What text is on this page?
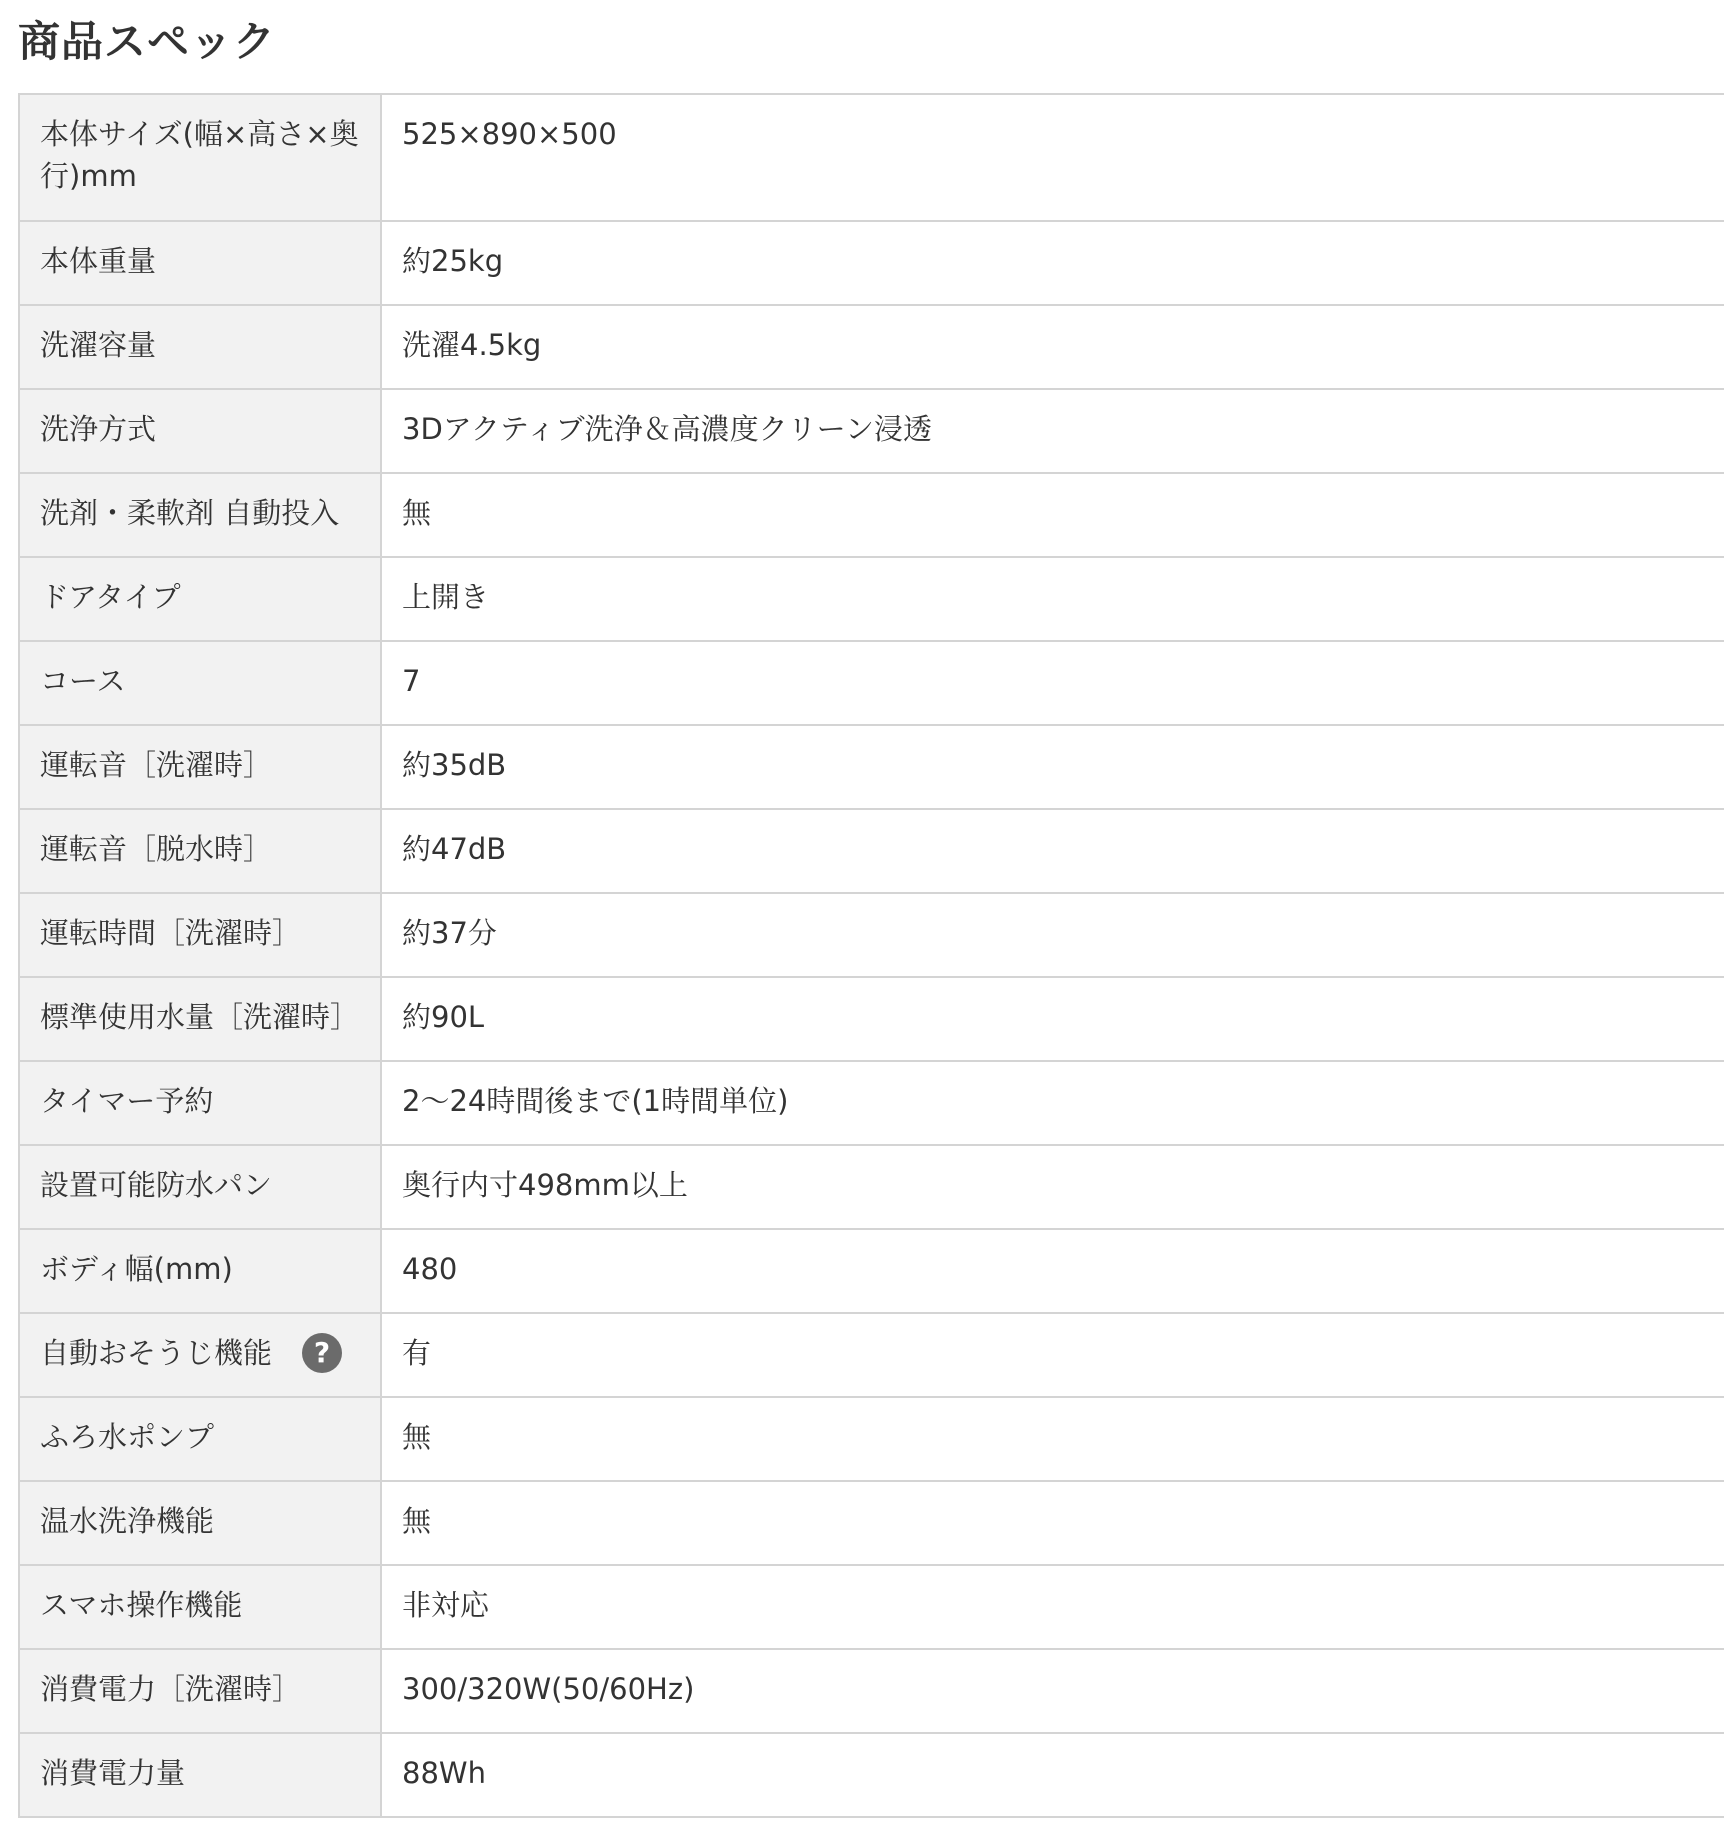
商品スペック
本体サイズ(幅×高さ×奥行)mm	525×890×500
本体重量	約25kg
洗濯容量	洗濯4.5kg
洗浄方式	3Dアクティブ洗浄＆高濃度クリーン浸透
洗剤・柔軟剤 自動投入	無
ドアタイプ	上開き
コース	7
運転音［洗濯時］	約35dB
運転音［脱水時］	約47dB
運転時間［洗濯時］	約37分
標準使用水量［洗濯時］	約90L
タイマー予約	2〜24時間後まで(1時間単位)
設置可能防水パン	奥行内寸498mm以上
ボディ幅(mm)	480

自動おそうじ機能 ?	有
ふろ水ポンプ	無
温水洗浄機能	無
スマホ操作機能	非対応
消費電力［洗濯時］	300/320W(50/60Hz)
消費電力量	88Wh
